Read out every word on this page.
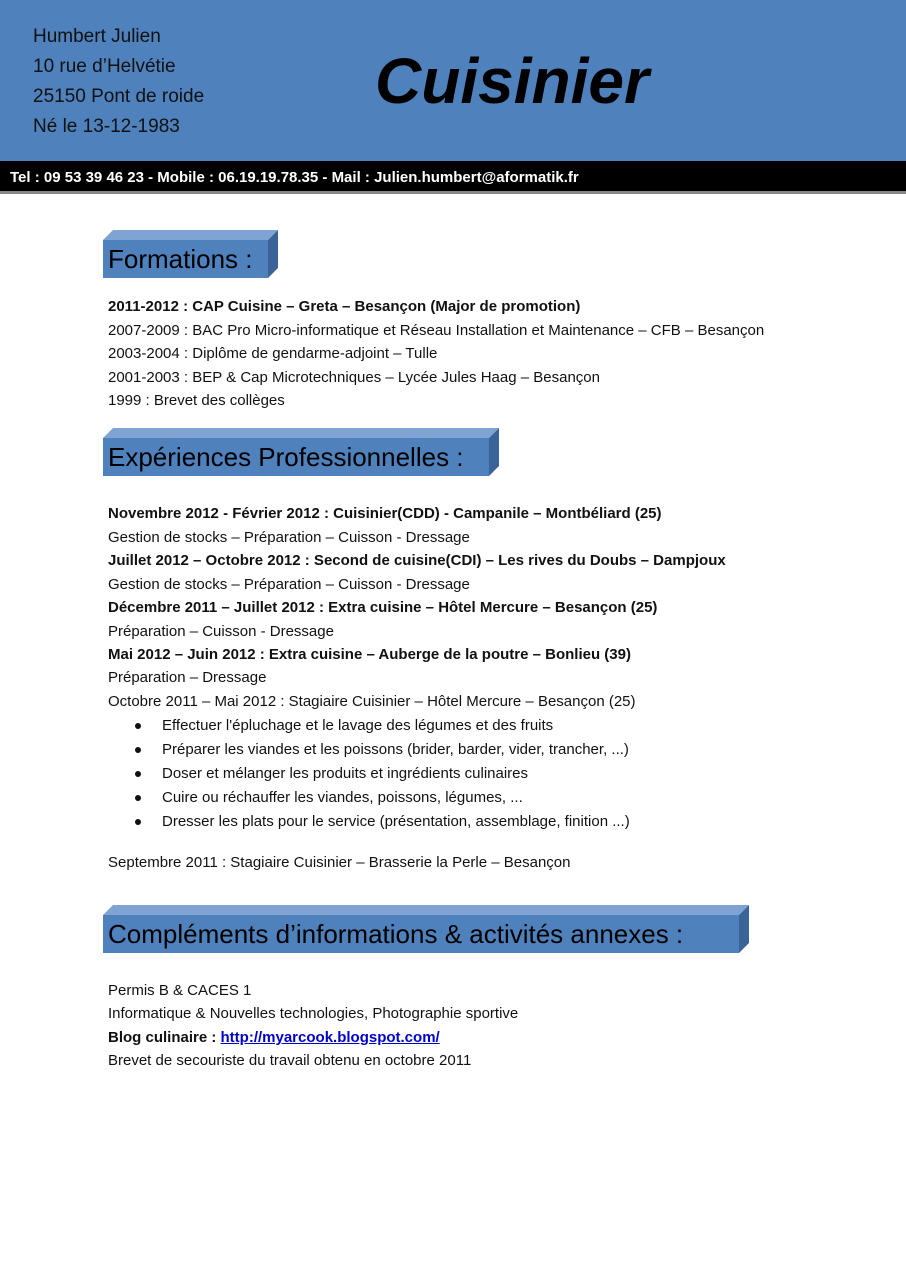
Humbert Julien
10 rue d’Helvétie
25150 Pont de roide
Né le 13-12-1983
Cuisinier
Tel : 09 53 39 46 23 - Mobile : 06.19.19.78.35 - Mail : Julien.humbert@aformatik.fr
Formations :
2011-2012 : CAP Cuisine – Greta – Besançon (Major de promotion)
2007-2009 : BAC Pro Micro-informatique et Réseau Installation et Maintenance – CFB – Besançon
2003-2004 : Diplôme de gendarme-adjoint – Tulle
2001-2003 : BEP & Cap Microtechniques – Lycée Jules Haag – Besançon
1999 : Brevet des collèges
Expériences Professionnelles :
Novembre 2012 - Février 2012 : Cuisinier(CDD) - Campanile – Montbéliard (25)
Gestion de stocks – Préparation – Cuisson - Dressage
Juillet 2012 – Octobre 2012 : Second de cuisine(CDI) – Les rives du Doubs – Dampjoux
Gestion de stocks – Préparation – Cuisson - Dressage
Décembre 2011 – Juillet 2012 : Extra cuisine – Hôtel Mercure – Besançon (25)
Préparation – Cuisson - Dressage
Mai 2012 – Juin 2012 : Extra cuisine – Auberge de la poutre – Bonlieu (39)
Préparation – Dressage
Octobre 2011 – Mai 2012 : Stagiaire Cuisinier – Hôtel Mercure – Besançon (25)
Effectuer l'épluchage et le lavage des légumes et des fruits
Préparer les viandes et les poissons (brider, barder, vider, trancher, ...)
Doser et mélanger les produits et ingrédients culinaires
Cuire ou réchauffer les viandes, poissons, légumes, ...
Dresser les plats pour le service (présentation, assemblage, finition ...)
Septembre 2011 : Stagiaire Cuisinier – Brasserie la Perle – Besançon
Compléments d’informations & activités annexes :
Permis B & CACES 1
Informatique & Nouvelles technologies, Photographie sportive
Blog culinaire : http://myarcook.blogspot.com/
Brevet de secouriste du travail obtenu en octobre 2011
